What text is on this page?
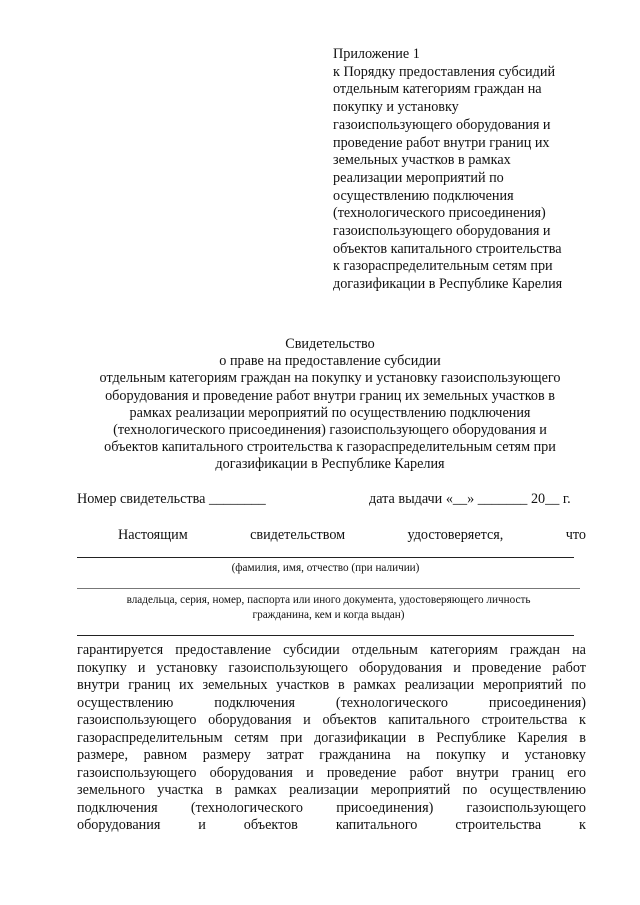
Приложение 1
к Порядку предоставления субсидий
отдельным категориям граждан на
покупку и установку
газоиспользующего оборудования и
проведение работ внутри границ их
земельных участков в рамках
реализации мероприятий по
осуществлению подключения
(технологического присоединения)
газоиспользующего оборудования и
объектов капитального строительства
к газораспределительным сетям при
догазификации в Республике Карелия
Свидетельство
о праве на предоставление субсидии
отдельным категориям граждан на покупку и установку газоиспользующего
оборудования и проведение работ внутри границ их земельных участков в
рамках реализации мероприятий по осуществлению подключения
(технологического присоединения) газоиспользующего оборудования и
объектов капитального строительства к газораспределительным сетям при
догазификации в Республике Карелия
Номер свидетельства ________	дата выдачи «__» _______ 20__ г.
Настоящим	свидетельством	удостоверяется,	что
(фамилия, имя, отчество (при наличии)
владельца, серия, номер, паспорта или иного документа, удостоверяющего личность
гражданина, кем и когда выдан)
гарантируется предоставление субсидии отдельным категориям граждан на
покупку и установку газоиспользующего оборудования и проведение работ
внутри границ их земельных участков в рамках реализации мероприятий по
осуществлению	подключения	(технологического	присоединения)
газоиспользующего оборудования и объектов капитального строительства к
газораспределительным сетям при догазификации в Республике Карелия в
размере, равном размеру затрат гражданина на покупку и установку
газоиспользующего оборудования и проведение работ внутри границ его
земельного участка в рамках реализации мероприятий по осуществлению
подключения (технологического присоединения) газоиспользующего
оборудования	и	объектов	капитального	строительства	к
